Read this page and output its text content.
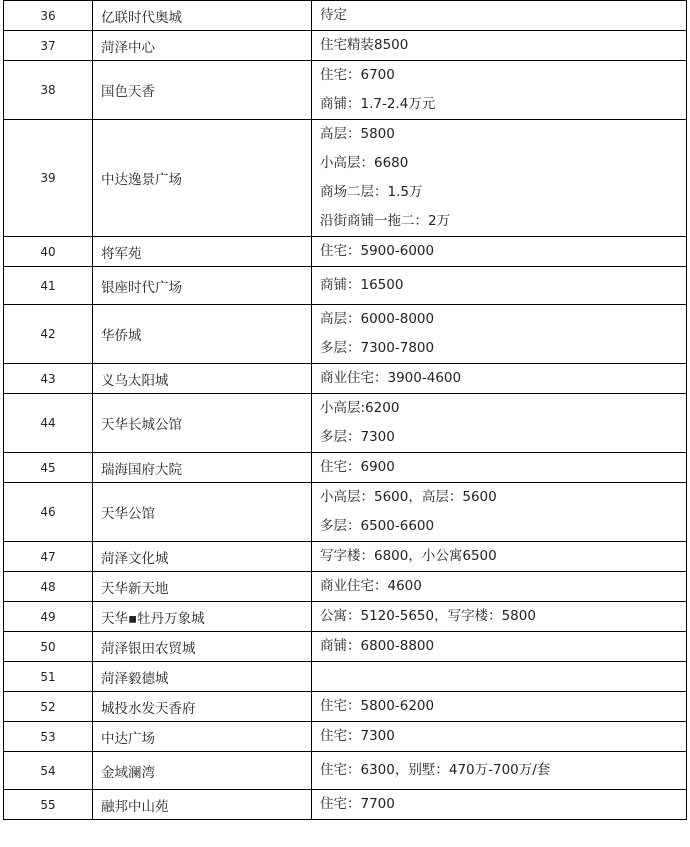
36	亿联时代奥城	待定

37	菏泽中心	住宅精装8500

38	国色天香	住宅：6700
商铺：1.7-2.4万元

39	中达逸景广场	高层：5800
小高层：6680
商场二层：1.5万
沿街商铺一拖二：2万

40	将军苑	住宅：5900-6000

41	银座时代广场	商铺：16500

42	华侨城	高层：6000-8000
多层：7300-7800

43	义乌太阳城	商业住宅：3900-4600

44	天华长城公馆	小高层:6200
多层：7300

45	瑞海国府大院	住宅：6900

46	天华公馆	小高层：5600，高层：5600
多层：6500-6600

47	菏泽文化城	写字楼：6800，小公寓6500

48	天华新天地	商业住宅：4600

49	天华▪牡丹万象城	公寓：5120-5650，写字楼：5800

50	菏泽银田农贸城	商铺：6800-8800

51	菏泽毅德城	

52	城投水发天香府	住宅：5800-6200

53	中达广场	住宅：7300

54	金域澜湾	住宅：6300，别墅：470万-700万/套

55	融邦中山苑	住宅：7700
